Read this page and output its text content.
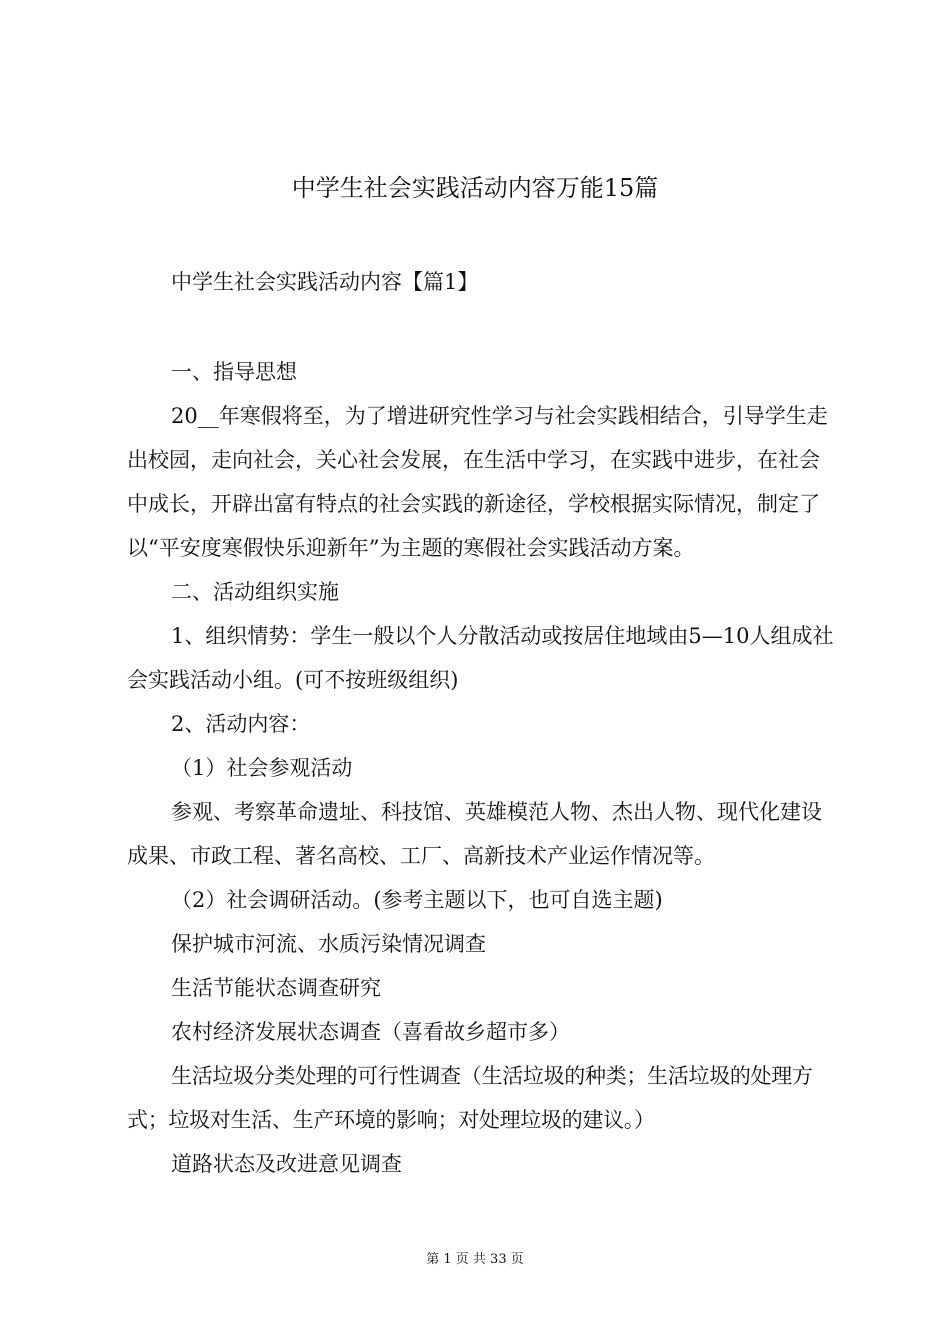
中学生社会实践活动内容万能15篇

中学生社会实践活动内容【篇1】

一、指导思想

20__年寒假将至，为了增进研究性学习与社会实践相结合，引导学生走出校园，走向社会，关心社会发展，在生活中学习，在实践中进步，在社会中成长，开辟出富有特点的社会实践的新途径，学校根据实际情况，制定了以“平安度寒假快乐迎新年”为主题的寒假社会实践活动方案。

二、活动组织实施

1、组织情势：学生一般以个人分散活动或按居住地域由5—10人组成社会实践活动小组。(可不按班级组织)

2、活动内容：

（1）社会参观活动

参观、考察革命遗址、科技馆、英雄模范人物、杰出人物、现代化建设成果、市政工程、著名高校、工厂、高新技术产业运作情况等。

（2）社会调研活动。(参考主题以下，也可自选主题)

保护城市河流、水质污染情况调查

生活节能状态调查研究

农村经济发展状态调查（喜看故乡超市多）

生活垃圾分类处理的可行性调查（生活垃圾的种类；生活垃圾的处理方式；垃圾对生活、生产环境的影响；对处理垃圾的建议。）

道路状态及改进意见调查

第 1 页 共 33 页
